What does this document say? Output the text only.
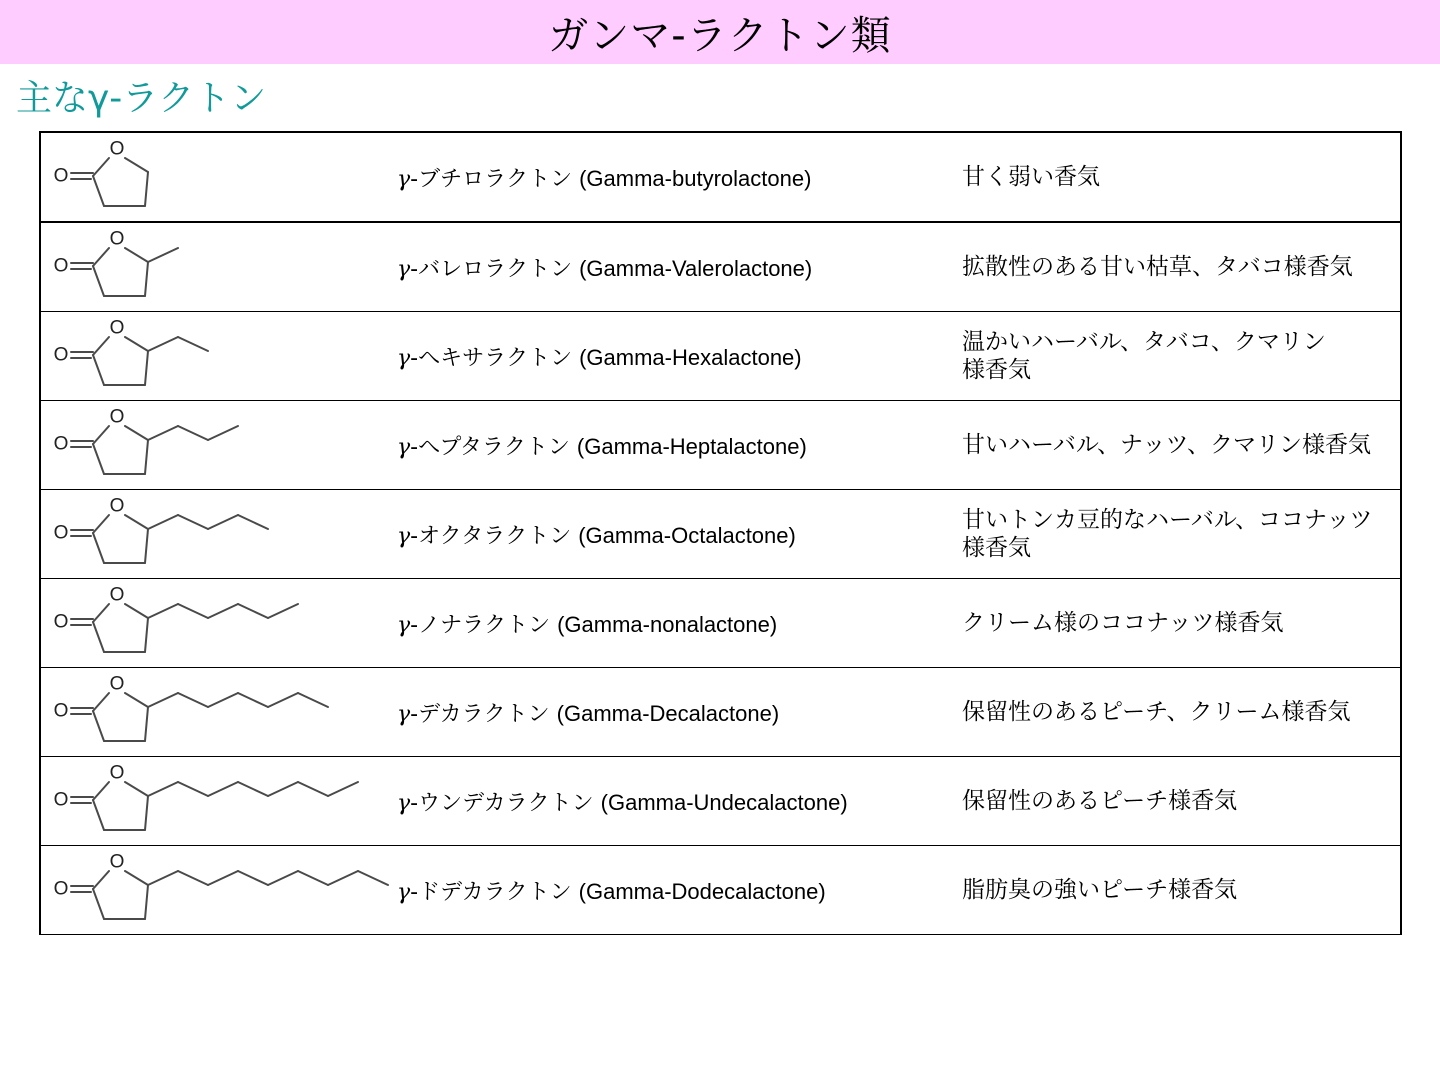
ガンマ-ラクトン類
主なγ-ラクトン
O
O	γ-ブチロラクトン (Gamma-butyrolactone)	甘く弱い香気

O
O	γ-バレロラクトン (Gamma-Valerolactone)	拡散性のある甘い枯草、タバコ様香気

O
O	γ-へキサラクトン (Gamma-Hexalactone)	温かいハーバル、タバコ、クマリン
様香気

O
O	γ-へプタラクトン (Gamma-Heptalactone)	甘いハーバル、ナッツ、クマリン様香気

O
O	γ-オクタラクトン (Gamma-Octalactone)	甘いトンカ豆的なハーバル、ココナッツ
様香気

O
O	γ-ノナラクトン (Gamma-nonalactone)	クリーム様のココナッツ様香気

O
O	γ-デカラクトン (Gamma-Decalactone)	保留性のあるピーチ、クリーム様香気

O
O	γ-ウンデカラクトン (Gamma-Undecalactone)	保留性のあるピーチ様香気

O
O	γ-ドデカラクトン (Gamma-Dodecalactone)	脂肪臭の強いピーチ様香気
